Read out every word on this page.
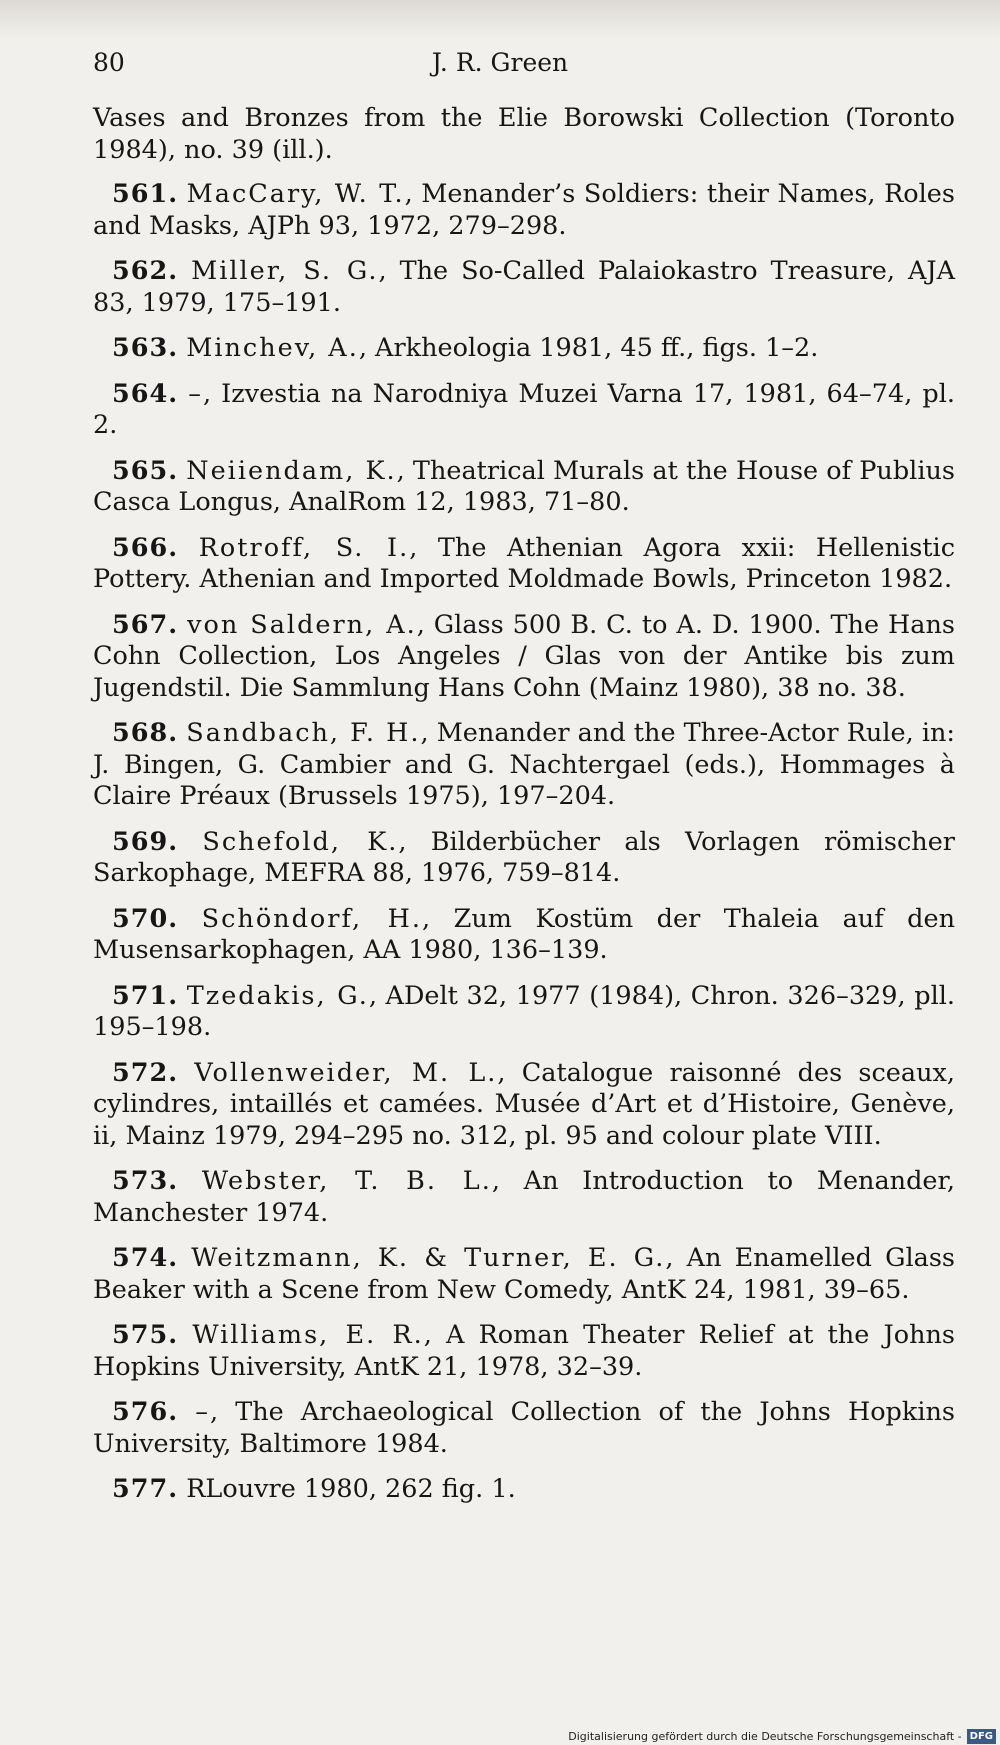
80	J. R. Green

Vases and Bronzes from the Elie Borowski Collection (Toronto 1984), no. 39 (ill.).

561. MacCary, W. T., Menander’s Soldiers: their Names, Roles and Masks, AJPh 93, 1972, 279–298.

562. Miller, S. G., The So-Called Palaiokastro Treasure, AJA 83, 1979, 175–191.

563. Minchev, A., Arkheologia 1981, 45 ff., figs. 1–2.

564. –, Izvestia na Narodniya Muzei Varna 17, 1981, 64–74, pl. 2.

565. Neiiendam, K., Theatrical Murals at the House of Publius Casca Longus, AnalRom 12, 1983, 71–80.

566. Rotroff, S. I., The Athenian Agora xxii: Hellenistic Pottery. Athenian and Imported Moldmade Bowls, Princeton 1982.

567. von Saldern, A., Glass 500 B. C. to A. D. 1900. The Hans Cohn Collection, Los Angeles / Glas von der Antike bis zum Jugendstil. Die Sammlung Hans Cohn (Mainz 1980), 38 no. 38.

568. Sandbach, F. H., Menander and the Three-Actor Rule, in: J. Bingen, G. Cambier and G. Nachtergael (eds.), Hommages à Claire Préaux (Brussels 1975), 197–204.

569. Schefold, K., Bilderbücher als Vorlagen römischer Sarkophage, MEFRA 88, 1976, 759–814.

570. Schöndorf, H., Zum Kostüm der Thaleia auf den Musensarkophagen, AA 1980, 136–139.

571. Tzedakis, G., ADelt 32, 1977 (1984), Chron. 326–329, pll. 195–198.

572. Vollenweider, M. L., Catalogue raisonné des sceaux, cylindres, intaillés et camées. Musée d’Art et d’Histoire, Genève, ii, Mainz 1979, 294–295 no. 312, pl. 95 and colour plate VIII.

573. Webster, T. B. L., An Introduction to Menander, Manchester 1974.

574. Weitzmann, K. & Turner, E. G., An Enamelled Glass Beaker with a Scene from New Comedy, AntK 24, 1981, 39–65.

575. Williams, E. R., A Roman Theater Relief at the Johns Hopkins University, AntK 21, 1978, 32–39.

576. –, The Archaeological Collection of the Johns Hopkins University, Baltimore 1984.

577. RLouvre 1980, 262 fig. 1.

Digitalisierung gefördert durch die Deutsche Forschungsgemeinschaft - DFG
